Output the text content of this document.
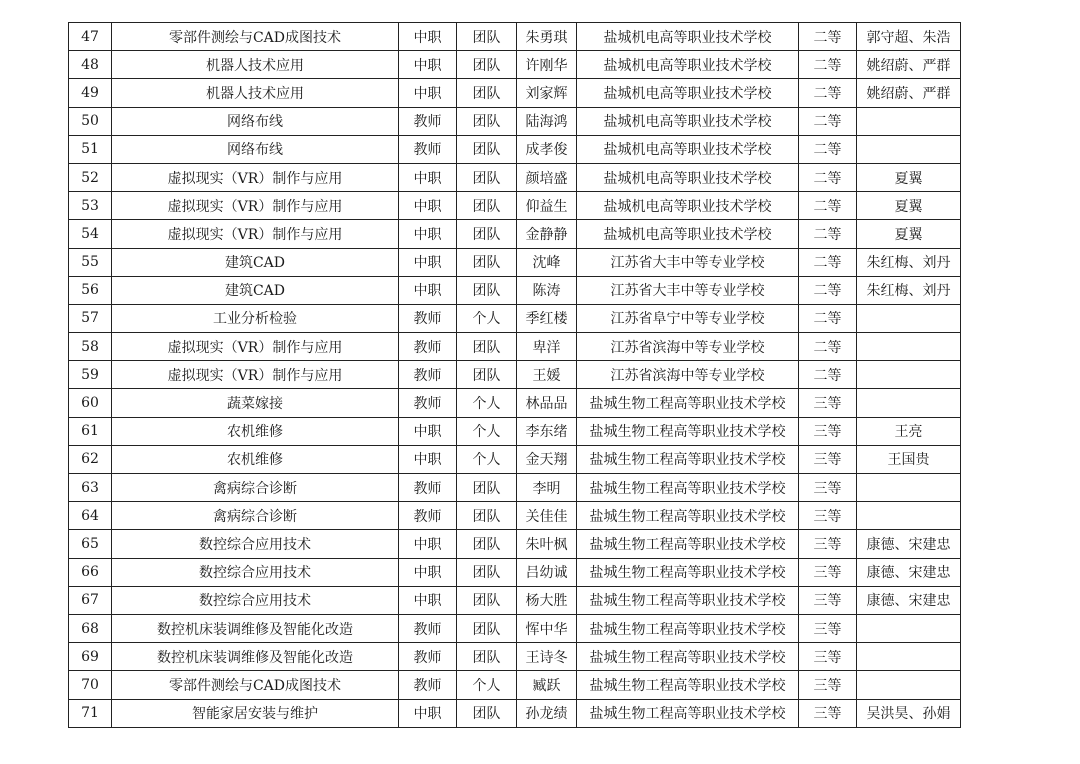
47	零部件测绘与CAD成图技术	中职	团队	朱勇琪	盐城机电高等职业技术学校	二等	郭守超、朱浩
48	机器人技术应用	中职	团队	许刚华	盐城机电高等职业技术学校	二等	姚绍蔚、严群
49	机器人技术应用	中职	团队	刘家辉	盐城机电高等职业技术学校	二等	姚绍蔚、严群
50	网络布线	教师	团队	陆海鸿	盐城机电高等职业技术学校	二等	
51	网络布线	教师	团队	成孝俊	盐城机电高等职业技术学校	二等	
52	虚拟现实（VR）制作与应用	中职	团队	颜培盛	盐城机电高等职业技术学校	二等	夏翼
53	虚拟现实（VR）制作与应用	中职	团队	仰益生	盐城机电高等职业技术学校	二等	夏翼
54	虚拟现实（VR）制作与应用	中职	团队	金静静	盐城机电高等职业技术学校	二等	夏翼
55	建筑CAD	中职	团队	沈峰	江苏省大丰中等专业学校	二等	朱红梅、刘丹
56	建筑CAD	中职	团队	陈涛	江苏省大丰中等专业学校	二等	朱红梅、刘丹
57	工业分析检验	教师	个人	季红楼	江苏省阜宁中等专业学校	二等	
58	虚拟现实（VR）制作与应用	教师	团队	卑洋	江苏省滨海中等专业学校	二等	
59	虚拟现实（VR）制作与应用	教师	团队	王媛	江苏省滨海中等专业学校	二等	
60	蔬菜嫁接	教师	个人	林品品	盐城生物工程高等职业技术学校	三等	
61	农机维修	中职	个人	李东绪	盐城生物工程高等职业技术学校	三等	王亮
62	农机维修	中职	个人	金天翔	盐城生物工程高等职业技术学校	三等	王国贵
63	禽病综合诊断	教师	团队	李明	盐城生物工程高等职业技术学校	三等	
64	禽病综合诊断	教师	团队	关佳佳	盐城生物工程高等职业技术学校	三等	
65	数控综合应用技术	中职	团队	朱叶枫	盐城生物工程高等职业技术学校	三等	康德、宋建忠
66	数控综合应用技术	中职	团队	吕幼诚	盐城生物工程高等职业技术学校	三等	康德、宋建忠
67	数控综合应用技术	中职	团队	杨大胜	盐城生物工程高等职业技术学校	三等	康德、宋建忠
68	数控机床装调维修及智能化改造	教师	团队	恽中华	盐城生物工程高等职业技术学校	三等	
69	数控机床装调维修及智能化改造	教师	团队	王诗冬	盐城生物工程高等职业技术学校	三等	
70	零部件测绘与CAD成图技术	教师	个人	臧跃	盐城生物工程高等职业技术学校	三等	
71	智能家居安装与维护	中职	团队	孙龙绩	盐城生物工程高等职业技术学校	三等	吴洪昊、孙娟
